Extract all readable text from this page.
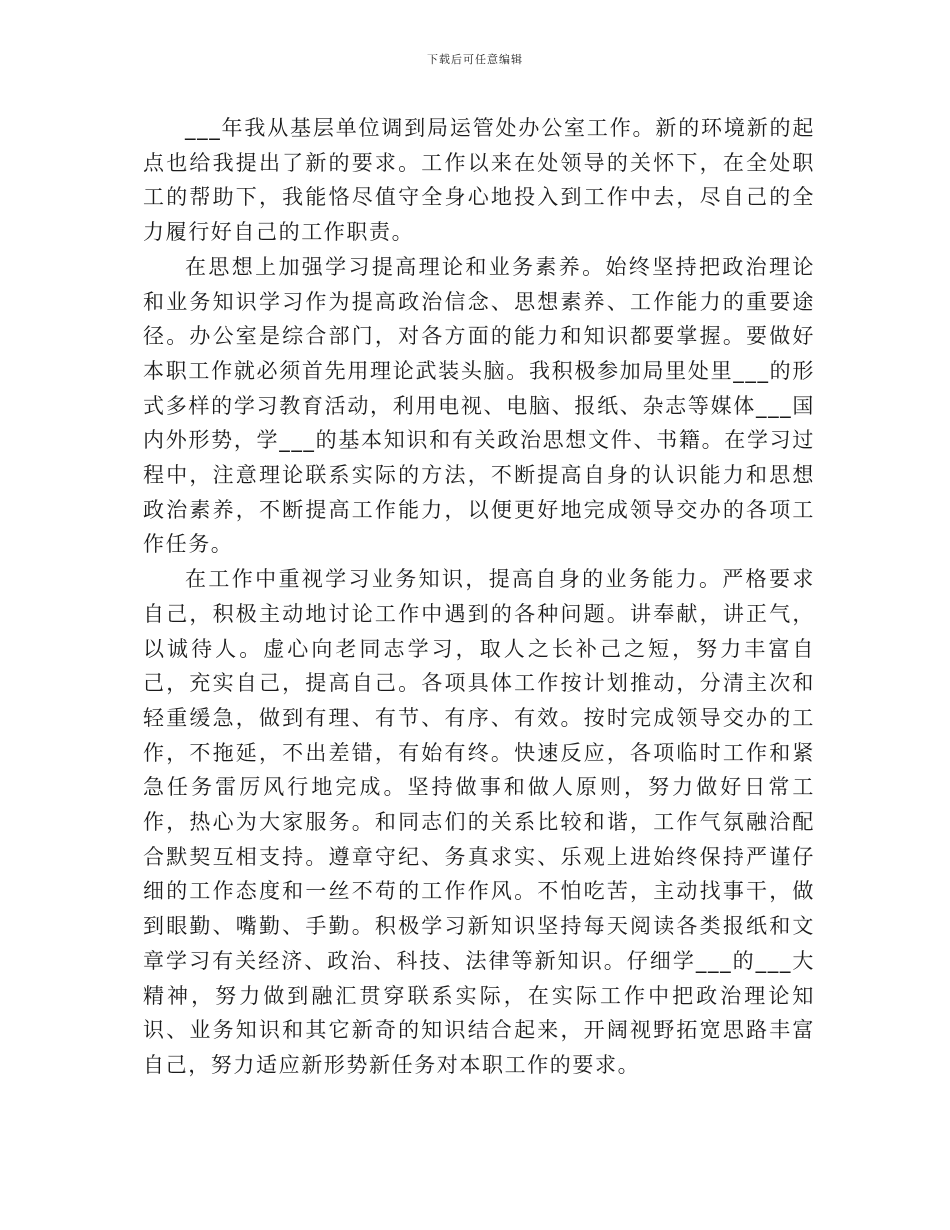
下载后可任意编辑

___年我从基层单位调到局运管处办公室工作。新的环境新的起点也给我提出了新的要求。工作以来在处领导的关怀下，在全处职工的帮助下，我能恪尽值守全身心地投入到工作中去，尽自己的全力履行好自己的工作职责。

在思想上加强学习提高理论和业务素养。始终坚持把政治理论和业务知识学习作为提高政治信念、思想素养、工作能力的重要途径。办公室是综合部门，对各方面的能力和知识都要掌握。要做好本职工作就必须首先用理论武装头脑。我积极参加局里处里___的形式多样的学习教育活动，利用电视、电脑、报纸、杂志等媒体___国内外形势，学___的基本知识和有关政治思想文件、书籍。在学习过程中，注意理论联系实际的方法，不断提高自身的认识能力和思想政治素养，不断提高工作能力，以便更好地完成领导交办的各项工作任务。

在工作中重视学习业务知识，提高自身的业务能力。严格要求自己，积极主动地讨论工作中遇到的各种问题。讲奉献，讲正气，以诚待人。虚心向老同志学习，取人之长补己之短，努力丰富自己，充实自己，提高自己。各项具体工作按计划推动，分清主次和轻重缓急，做到有理、有节、有序、有效。按时完成领导交办的工作，不拖延，不出差错，有始有终。快速反应，各项临时工作和紧急任务雷厉风行地完成。坚持做事和做人原则，努力做好日常工作，热心为大家服务。和同志们的关系比较和谐，工作气氛融洽配合默契互相支持。遵章守纪、务真求实、乐观上进始终保持严谨仔细的工作态度和一丝不苟的工作作风。不怕吃苦，主动找事干，做到眼勤、嘴勤、手勤。积极学习新知识坚持每天阅读各类报纸和文章学习有关经济、政治、科技、法律等新知识。仔细学___的___大精神，努力做到融汇贯穿联系实际，在实际工作中把政治理论知识、业务知识和其它新奇的知识结合起来，开阔视野拓宽思路丰富自己，努力适应新形势新任务对本职工作的要求。
